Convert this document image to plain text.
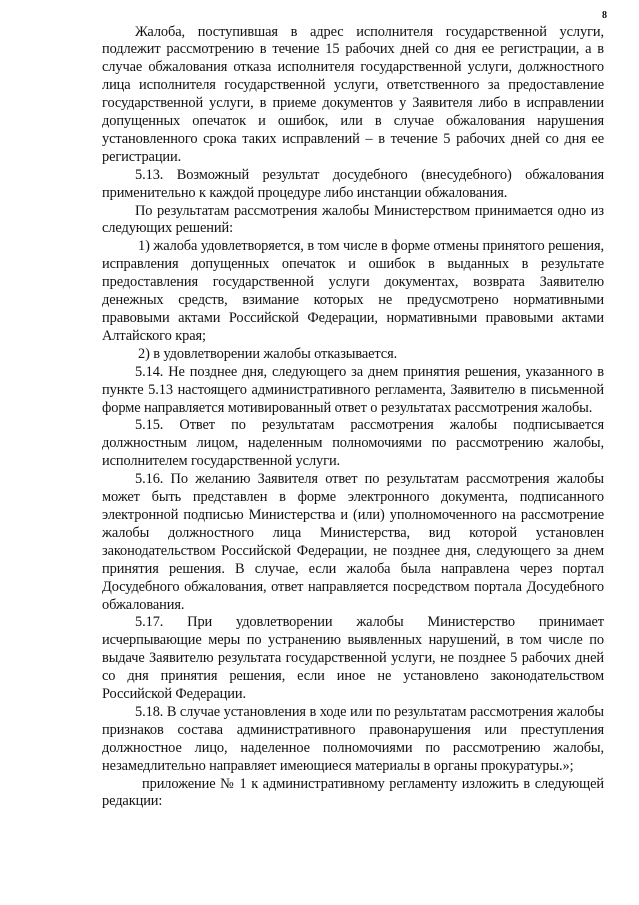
8

Жалоба, поступившая в адрес исполнителя государственной услуги, подлежит рассмотрению в течение 15 рабочих дней со дня ее регистрации, а в случае обжалования отказа исполнителя государственной услуги, должностного лица исполнителя государственной услуги, ответственного за предоставление государственной услуги, в приеме документов у Заявителя либо в исправлении допущенных опечаток и ошибок, или в случае обжалования нарушения установленного срока таких исправлений – в течение 5 рабочих дней со дня ее регистрации.

5.13. Возможный результат досудебного (внесудебного) обжалования применительно к каждой процедуре либо инстанции обжалования.

По результатам рассмотрения жалобы Министерством принимается одно из следующих решений:

1) жалоба удовлетворяется, в том числе в форме отмены принятого решения, исправления допущенных опечаток и ошибок в выданных в результате предоставления государственной услуги документах, возврата Заявителю денежных средств, взимание которых не предусмотрено нормативными правовыми актами Российской Федерации, нормативными правовыми актами Алтайского края;

2) в удовлетворении жалобы отказывается.

5.14. Не позднее дня, следующего за днем принятия решения, указанного в пункте 5.13 настоящего административного регламента, Заявителю в письменной форме направляется мотивированный ответ о результатах рассмотрения жалобы.

5.15. Ответ по результатам рассмотрения жалобы подписывается должностным лицом, наделенным полномочиями по рассмотрению жалобы, исполнителем государственной услуги.

5.16. По желанию Заявителя ответ по результатам рассмотрения жалобы может быть представлен в форме электронного документа, подписанного электронной подписью Министерства и (или) уполномоченного на рассмотрение жалобы должностного лица Министерства, вид которой установлен законодательством Российской Федерации, не позднее дня, следующего за днем принятия решения. В случае, если жалоба была направлена через портал Досудебного обжалования, ответ направляется посредством портала Досудебного обжалования.

5.17. При удовлетворении жалобы Министерство принимает исчерпывающие меры по устранению выявленных нарушений, в том числе по выдаче Заявителю результата государственной услуги, не позднее 5 рабочих дней со дня принятия решения, если иное не установлено законодательством Российской Федерации.

5.18. В случае установления в ходе или по результатам рассмотрения жалобы признаков состава административного правонарушения или преступления должностное лицо, наделенное полномочиями по рассмотрению жалобы, незамедлительно направляет имеющиеся материалы в органы прокуратуры.»;

приложение № 1 к административному регламенту изложить в следующей редакции:
